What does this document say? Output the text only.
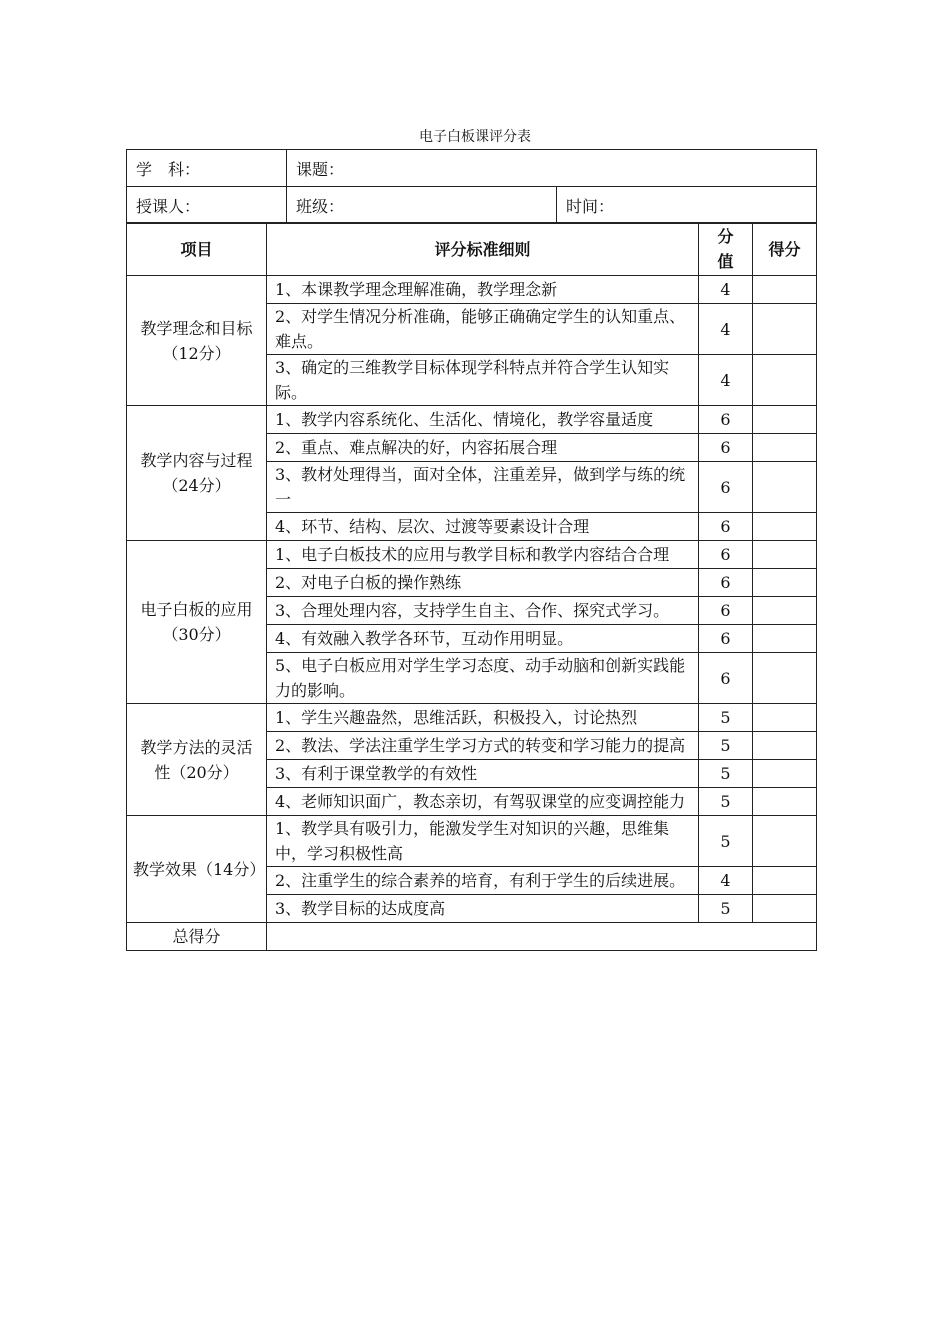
电子白板课评分表
学　科：	课题：	
授课人：	班级：	时间：
项目	评分标准细则	分值	得分
教学理念和目标（12分）	1、本课教学理念理解准确，教学理念新	4	
	2、对学生情况分析准确，能够正确确定学生的认知重点、难点。	4	
	3、确定的三维教学目标体现学科特点并符合学生认知实际。	4	
教学内容与过程（24分）	1、教学内容系统化、生活化、情境化，教学容量适度	6	
	2、重点、难点解决的好，内容拓展合理	6	
	3、教材处理得当，面对全体，注重差异，做到学与练的统一	6	
	4、环节、结构、层次、过渡等要素设计合理	6	
电子白板的应用（30分）	1、电子白板技术的应用与教学目标和教学内容结合合理	6	
	2、对电子白板的操作熟练	6	
	3、合理处理内容，支持学生自主、合作、探究式学习。	6	
	4、有效融入教学各环节，互动作用明显。	6	
	5、电子白板应用对学生学习态度、动手动脑和创新实践能力的影响。	6	
教学方法的灵活性（20分）	1、学生兴趣盎然，思维活跃，积极投入，讨论热烈	5	
	2、教法、学法注重学生学习方式的转变和学习能力的提高	5	
	3、有利于课堂教学的有效性	5	
	4、老师知识面广，教态亲切，有驾驭课堂的应变调控能力	5	
教学效果（14分）	1、教学具有吸引力，能激发学生对知识的兴趣，思维集中，学习积极性高	5	
	2、注重学生的综合素养的培育，有利于学生的后续进展。	4	
	3、教学目标的达成度高	5	
总得分			
